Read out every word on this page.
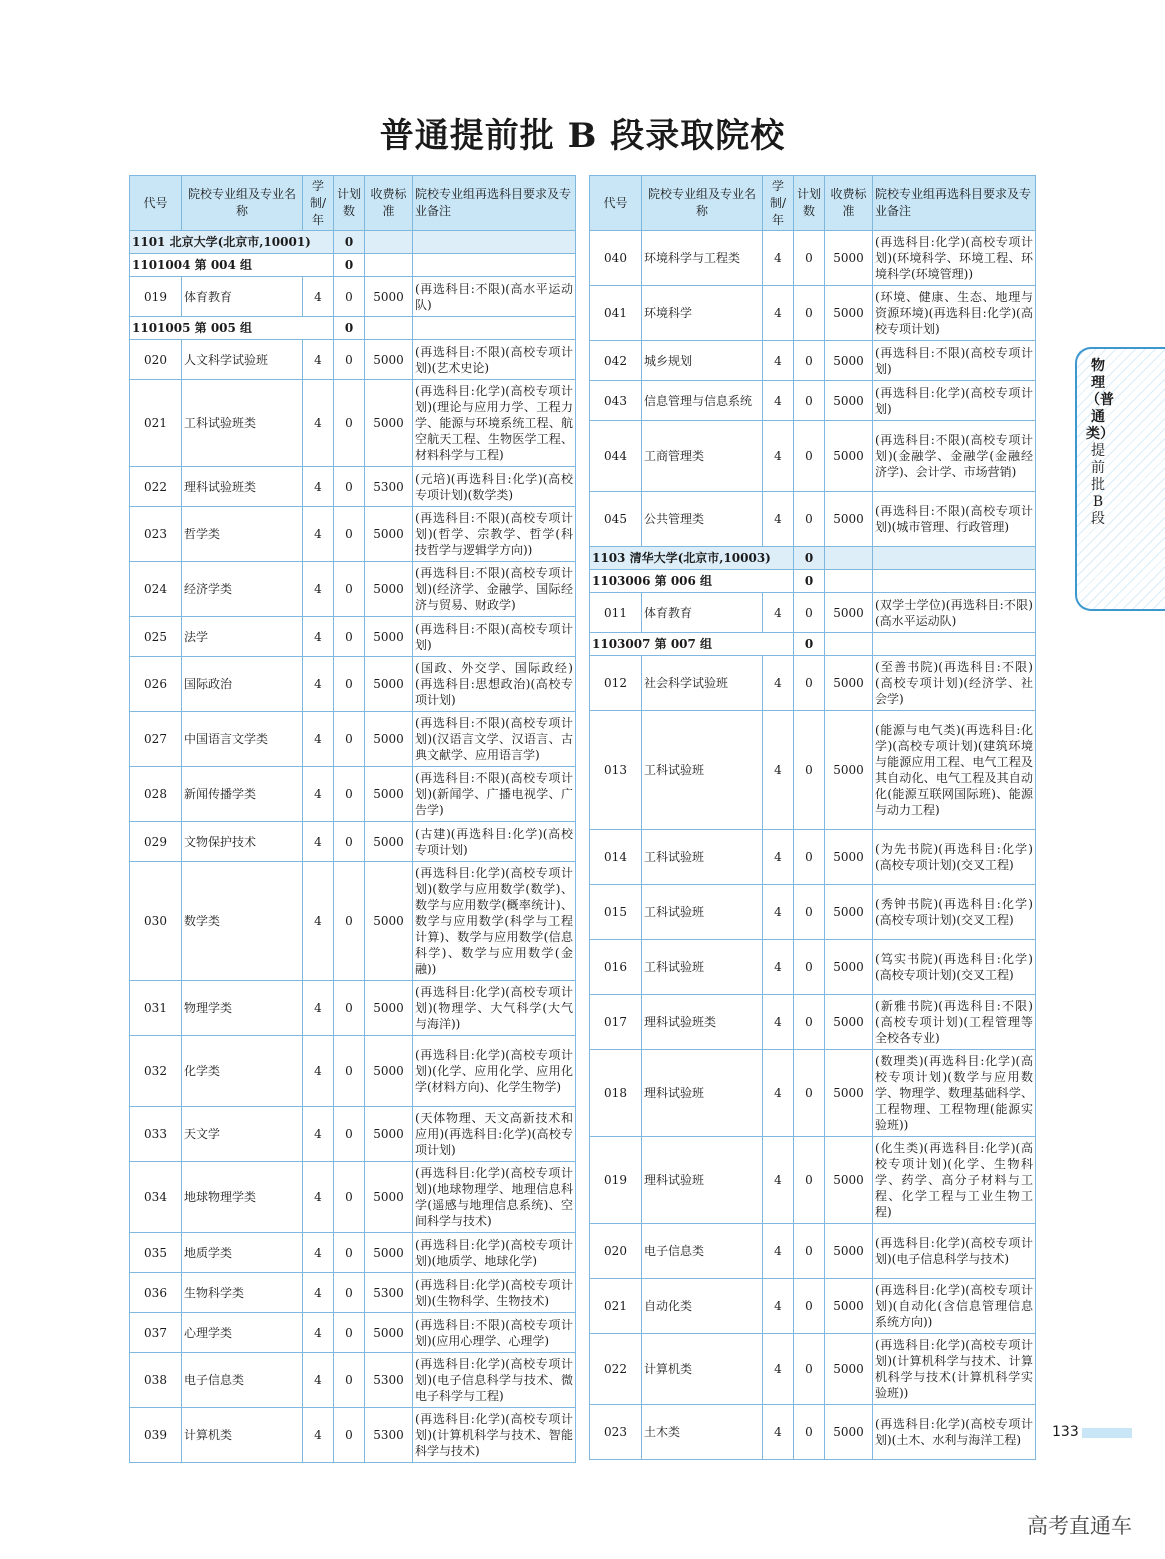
普通提前批 B 段录取院校
代号	院校专业组及专业名称	学制/年	计划数	收费标准	院校专业组再选科目要求及专业备注
1101 北京大学(北京市,10001)			0		
1101004 第 004 组			0		
019	体育教育	4	0	5000	(再选科目:不限)(高水平运动队)
1101005 第 005 组			0		
020	人文科学试验班	4	0	5000	(再选科目:不限)(高校专项计划)(艺术史论)
021	工科试验班类	4	0	5000	(再选科目:化学)(高校专项计划)(理论与应用力学、工程力学、能源与环境系统工程、航空航天工程、生物医学工程、材料科学与工程)
022	理科试验班类	4	0	5300	(元培)(再选科目:化学)(高校专项计划)(数学类)
023	哲学类	4	0	5000	(再选科目:不限)(高校专项计划)(哲学、宗教学、哲学(科技哲学与逻辑学方向))
024	经济学类	4	0	5000	(再选科目:不限)(高校专项计划)(经济学、金融学、国际经济与贸易、财政学)
025	法学	4	0	5000	(再选科目:不限)(高校专项计划)
026	国际政治	4	0	5000	(国政、外交学、国际政经)(再选科目:思想政治)(高校专项计划)
027	中国语言文学类	4	0	5000	(再选科目:不限)(高校专项计划)(汉语言文学、汉语言、古典文献学、应用语言学)
028	新闻传播学类	4	0	5000	(再选科目:不限)(高校专项计划)(新闻学、广播电视学、广告学)
029	文物保护技术	4	0	5000	(古建)(再选科目:化学)(高校专项计划)
030	数学类	4	0	5000	(再选科目:化学)(高校专项计划)(数学与应用数学(数学)、数学与应用数学(概率统计)、数学与应用数学(科学与工程计算)、数学与应用数学(信息科学)、数学与应用数学(金融))
031	物理学类	4	0	5000	(再选科目:化学)(高校专项计划)(物理学、大气科学(大气与海洋))
032	化学类	4	0	5000	(再选科目:化学)(高校专项计划)(化学、应用化学、应用化学(材料方向)、化学生物学)
033	天文学	4	0	5000	(天体物理、天文高新技术和应用)(再选科目:化学)(高校专项计划)
034	地球物理学类	4	0	5000	(再选科目:化学)(高校专项计划)(地球物理学、地理信息科学(遥感与地理信息系统)、空间科学与技术)
035	地质学类	4	0	5000	(再选科目:化学)(高校专项计划)(地质学、地球化学)
036	生物科学类	4	0	5300	(再选科目:化学)(高校专项计划)(生物科学、生物技术)
037	心理学类	4	0	5000	(再选科目:不限)(高校专项计划)(应用心理学、心理学)
038	电子信息类	4	0	5300	(再选科目:化学)(高校专项计划)(电子信息科学与技术、微电子科学与工程)
039	计算机类	4	0	5300	(再选科目:化学)(高校专项计划)(计算机科学与技术、智能科学与技术)
代号	院校专业组及专业名称	学制/年	计划数	收费标准	院校专业组再选科目要求及专业备注
040	环境科学与工程类	4	0	5000	(再选科目:化学)(高校专项计划)(环境科学、环境工程、环境科学(环境管理))
041	环境科学	4	0	5000	(环境、健康、生态、地理与资源环境)(再选科目:化学)(高校专项计划)
042	城乡规划	4	0	5000	(再选科目:不限)(高校专项计划)
043	信息管理与信息系统	4	0	5000	(再选科目:化学)(高校专项计划)
044	工商管理类	4	0	5000	(再选科目:不限)(高校专项计划)(金融学、金融学(金融经济学)、会计学、市场营销)
045	公共管理类	4	0	5000	(再选科目:不限)(高校专项计划)(城市管理、行政管理)
1103 清华大学(北京市,10003)			0		
1103006 第 006 组			0		
011	体育教育	4	0	5000	(双学士学位)(再选科目:不限)(高水平运动队)
1103007 第 007 组			0		
012	社会科学试验班	4	0	5000	(至善书院)(再选科目:不限)(高校专项计划)(经济学、社会学)
013	工科试验班	4	0	5000	(能源与电气类)(再选科目:化学)(高校专项计划)(建筑环境与能源应用工程、电气工程及其自动化、电气工程及其自动化(能源互联网国际班)、能源与动力工程)
014	工科试验班	4	0	5000	(为先书院)(再选科目:化学)(高校专项计划)(交叉工程)
015	工科试验班	4	0	5000	(秀钟书院)(再选科目:化学)(高校专项计划)(交叉工程)
016	工科试验班	4	0	5000	(笃实书院)(再选科目:化学)(高校专项计划)(交叉工程)
017	理科试验班类	4	0	5000	(新雅书院)(再选科目:不限)(高校专项计划)(工程管理等全校各专业)
018	理科试验班	4	0	5000	(数理类)(再选科目:化学)(高校专项计划)(数学与应用数学、物理学、数理基础科学、工程物理、工程物理(能源实验班))
019	理科试验班	4	0	5000	(化生类)(再选科目:化学)(高校专项计划)(化学、生物科学、药学、高分子材料与工程、化学工程与工业生物工程)
020	电子信息类	4	0	5000	(再选科目:化学)(高校专项计划)(电子信息科学与技术)
021	自动化类	4	0	5000	(再选科目:化学)(高校专项计划)(自动化(含信息管理信息系统方向))
022	计算机类	4	0	5000	(再选科目:化学)(高校专项计划)(计算机科学与技术、计算机科学与技术(计算机科学实验班))
023	土木类	4	0	5000	(再选科目:化学)(高校专项计划)(土木、水利与海洋工程)
物理（普通类）提前批B段
133
高考直通车
